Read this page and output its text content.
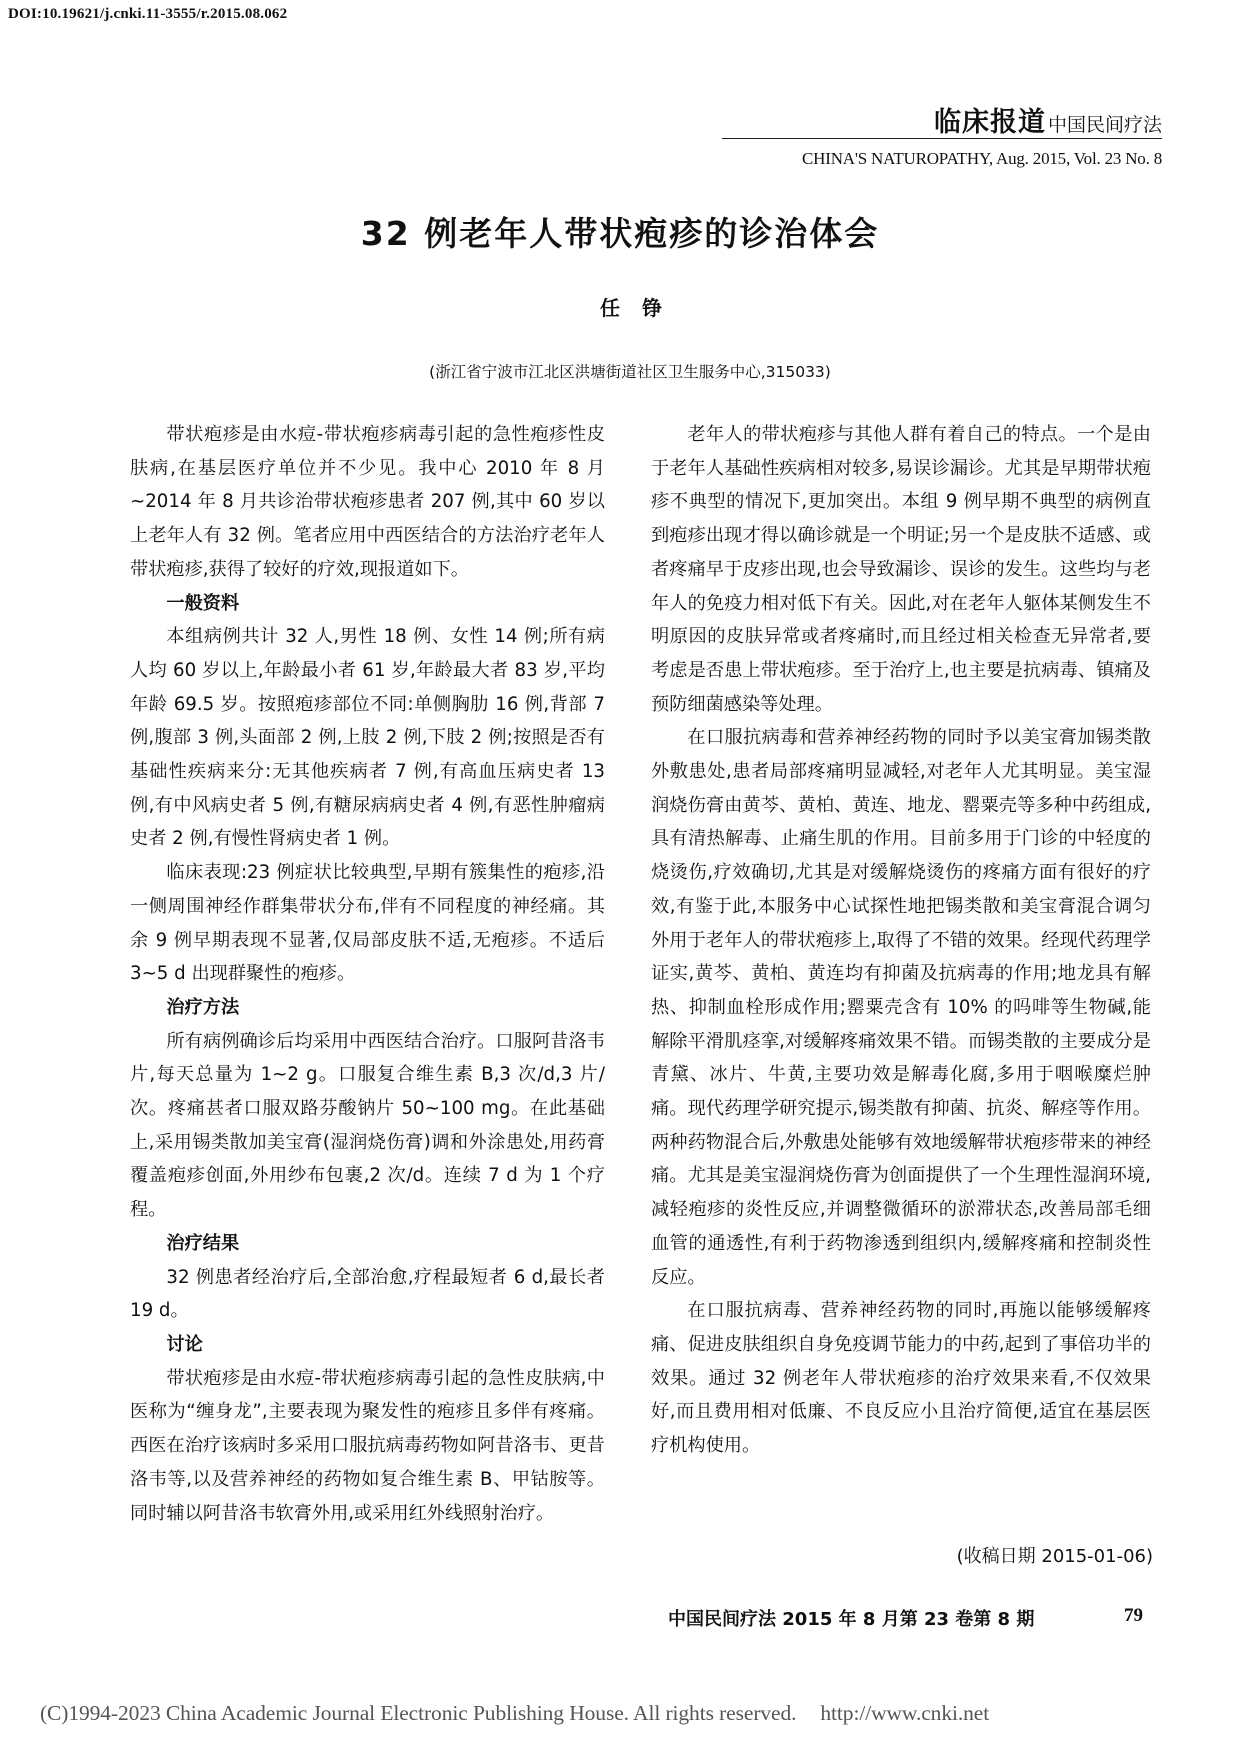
DOI:10.19621/j.cnki.11-3555/r.2015.08.062
临床报道 中国民间疗法
CHINA'S NATUROPATHY, Aug. 2015, Vol. 23 No. 8
32 例老年人带状疱疹的诊治体会
任铮
(浙江省宁波市江北区洪塘街道社区卫生服务中心,315033)

带状疱疹是由水痘-带状疱疹病毒引起的急性疱疹性皮肤病,在基层医疗单位并不少见。我中心 2010 年 8 月~2014 年 8 月共诊治带状疱疹患者 207 例,其中 60 岁以上老年人有 32 例。笔者应用中西医结合的方法治疗老年人带状疱疹,获得了较好的疗效,现报道如下。

一般资料

本组病例共计 32 人,男性 18 例、女性 14 例;所有病人均 60 岁以上,年龄最小者 61 岁,年龄最大者 83 岁,平均年龄 69.5 岁。按照疱疹部位不同:单侧胸肋 16 例,背部 7 例,腹部 3 例,头面部 2 例,上肢 2 例,下肢 2 例;按照是否有基础性疾病来分:无其他疾病者 7 例,有高血压病史者 13 例,有中风病史者 5 例,有糖尿病病史者 4 例,有恶性肿瘤病史者 2 例,有慢性肾病史者 1 例。

临床表现:23 例症状比较典型,早期有簇集性的疱疹,沿一侧周围神经作群集带状分布,伴有不同程度的神经痛。其余 9 例早期表现不显著,仅局部皮肤不适,无疱疹。不适后 3~5 d 出现群聚性的疱疹。

治疗方法

所有病例确诊后均采用中西医结合治疗。口服阿昔洛韦片,每天总量为 1~2 g。口服复合维生素 B,3 次/d,3 片/次。疼痛甚者口服双路芬酸钠片 50~100 mg。在此基础上,采用锡类散加美宝膏(湿润烧伤膏)调和外涂患处,用药膏覆盖疱疹创面,外用纱布包裹,2 次/d。连续 7 d 为 1 个疗程。

治疗结果

32 例患者经治疗后,全部治愈,疗程最短者 6 d,最长者 19 d。

讨论

带状疱疹是由水痘-带状疱疹病毒引起的急性皮肤病,中医称为“缠身龙”,主要表现为聚发性的疱疹且多伴有疼痛。西医在治疗该病时多采用口服抗病毒药物如阿昔洛韦、更昔洛韦等,以及营养神经的药物如复合维生素 B、甲钴胺等。同时辅以阿昔洛韦软膏外用,或采用红外线照射治疗。

老年人的带状疱疹与其他人群有着自己的特点。一个是由于老年人基础性疾病相对较多,易误诊漏诊。尤其是早期带状疱疹不典型的情况下,更加突出。本组 9 例早期不典型的病例直到疱疹出现才得以确诊就是一个明证;另一个是皮肤不适感、或者疼痛早于皮疹出现,也会导致漏诊、误诊的发生。这些均与老年人的免疫力相对低下有关。因此,对在老年人躯体某侧发生不明原因的皮肤异常或者疼痛时,而且经过相关检查无异常者,要考虑是否患上带状疱疹。至于治疗上,也主要是抗病毒、镇痛及预防细菌感染等处理。

在口服抗病毒和营养神经药物的同时予以美宝膏加锡类散外敷患处,患者局部疼痛明显减轻,对老年人尤其明显。美宝湿润烧伤膏由黄芩、黄柏、黄连、地龙、罂粟壳等多种中药组成,具有清热解毒、止痛生肌的作用。目前多用于门诊的中轻度的烧烫伤,疗效确切,尤其是对缓解烧烫伤的疼痛方面有很好的疗效,有鉴于此,本服务中心试探性地把锡类散和美宝膏混合调匀外用于老年人的带状疱疹上,取得了不错的效果。经现代药理学证实,黄芩、黄柏、黄连均有抑菌及抗病毒的作用;地龙具有解热、抑制血栓形成作用;罂粟壳含有 10% 的吗啡等生物碱,能解除平滑肌痉挛,对缓解疼痛效果不错。而锡类散的主要成分是青黛、冰片、牛黄,主要功效是解毒化腐,多用于咽喉糜烂肿痛。现代药理学研究提示,锡类散有抑菌、抗炎、解痉等作用。两种药物混合后,外敷患处能够有效地缓解带状疱疹带来的神经痛。尤其是美宝湿润烧伤膏为创面提供了一个生理性湿润环境,减轻疱疹的炎性反应,并调整微循环的淤滞状态,改善局部毛细血管的通透性,有利于药物渗透到组织内,缓解疼痛和控制炎性反应。

在口服抗病毒、营养神经药物的同时,再施以能够缓解疼痛、促进皮肤组织自身免疫调节能力的中药,起到了事倍功半的效果。通过 32 例老年人带状疱疹的治疗效果来看,不仅效果好,而且费用相对低廉、不良反应小且治疗简便,适宜在基层医疗机构使用。

(收稿日期 2015-01-06)
中国民间疗法 2015 年 8 月第 23 卷第 8 期	79
(C)1994-2023 China Academic Journal Electronic Publishing House. All rights reserved. http://www.cnki.net
